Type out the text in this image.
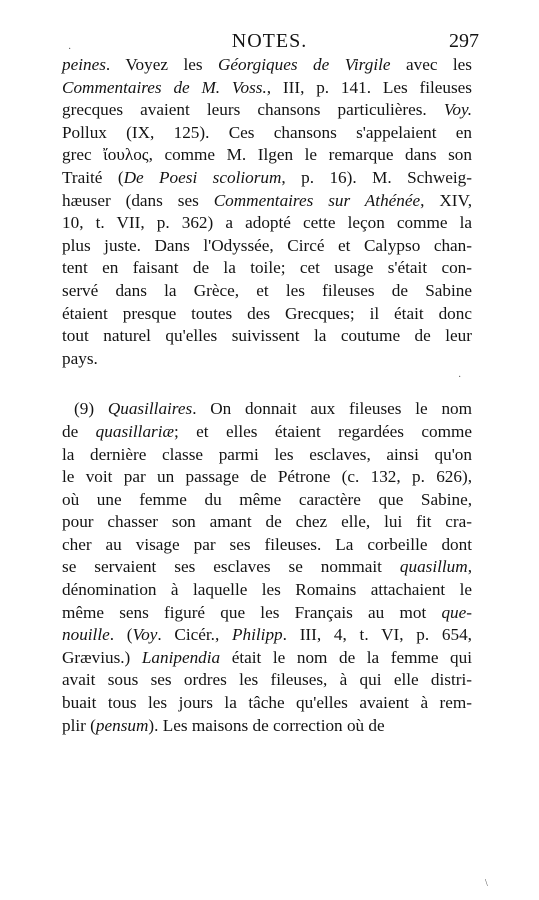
NOTES.	297
·
·
\
peines. Voyez les Géorgiques de Virgile avec les
Commentaires de M. Voss., III, p. 141. Les fileuses
grecques avaient leurs chansons particulières. Voy.
Pollux (IX, 125). Ces chansons s'appelaient en
grec ἴουλος, comme M. Ilgen le remarque dans son
Traité (De Poesi scoliorum, p. 16). M. Schweig-
hæuser (dans ses Commentaires sur Athénée, XIV,
10, t. VII, p. 362) a adopté cette leçon comme la
plus juste. Dans l'Odyssée, Circé et Calypso chan-
tent en faisant de la toile; cet usage s'était con-
servé dans la Grèce, et les fileuses de Sabine
étaient presque toutes des Grecques; il était donc
tout naturel qu'elles suivissent la coutume de leur
pays.
(9) Quasillaires. On donnait aux fileuses le nom
de quasillariæ; et elles étaient regardées comme
la dernière classe parmi les esclaves, ainsi qu'on
le voit par un passage de Pétrone (c. 132, p. 626),
où une femme du même caractère que Sabine,
pour chasser son amant de chez elle, lui fit cra-
cher au visage par ses fileuses. La corbeille dont
se servaient ses esclaves se nommait quasillum,
dénomination à laquelle les Romains attachaient le
même sens figuré que les Français au mot que-
nouille. (Voy. Cicér., Philipp. III, 4, t. VI, p. 654,
Grævius.) Lanipendia était le nom de la femme qui
avait sous ses ordres les fileuses, à qui elle distri-
buait tous les jours la tâche qu'elles avaient à rem-
plir (pensum). Les maisons de correction où de
